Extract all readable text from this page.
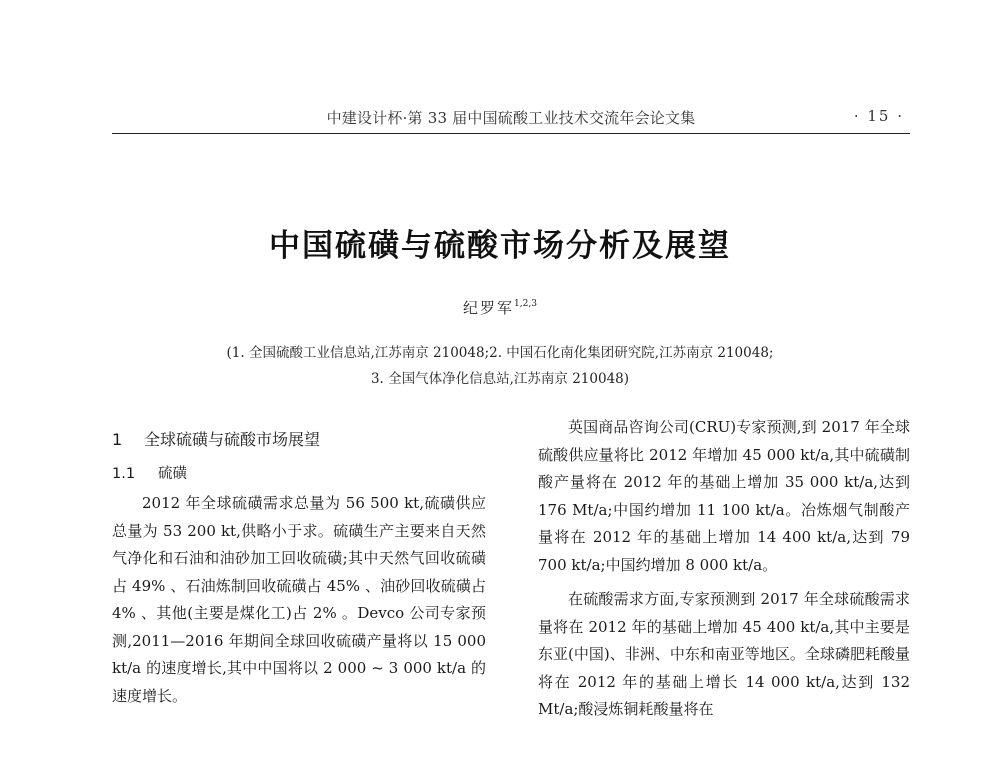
中建设计杯·第 33 届中国硫酸工业技术交流年会论文集	· 15 ·
中国硫磺与硫酸市场分析及展望
纪罗军$^{1,2,3}$
(1. 全国硫酸工业信息站,江苏南京 210048;2. 中国石化南化集团研究院,江苏南京 210048;
3. 全国气体净化信息站,江苏南京 210048)
1 全球硫磺与硫酸市场展望
1.1 硫磺

2012 年全球硫磺需求总量为 56 500 kt,硫磺供应总量为 53 200 kt,供略小于求。硫磺生产主要来自天然气净化和石油和油砂加工回收硫磺;其中天然气回收硫磺占 49% 、石油炼制回收硫磺占 45% 、油砂回收硫磺占 4% 、其他(主要是煤化工)占 2% 。Devco 公司专家预测,2011—2016 年期间全球回收硫磺产量将以 15 000 kt/a 的速度增长,其中中国将以 2 000 ~ 3 000 kt/a 的速度增长。

英国商品咨询公司(CRU)专家预测,到 2017 年全球硫酸供应量将比 2012 年增加 45 000 kt/a,其中硫磺制酸产量将在 2012 年的基础上增加 35 000 kt/a,达到 176 Mt/a;中国约增加 11 100 kt/a。冶炼烟气制酸产量将在 2012 年的基础上增加 14 400 kt/a,达到 79 700 kt/a;中国约增加 8 000 kt/a。

在硫酸需求方面,专家预测到 2017 年全球硫酸需求量将在 2012 年的基础上增加 45 400 kt/a,其中主要是东亚(中国)、非洲、中东和南亚等地区。全球磷肥耗酸量将在 2012 年的基础上增长 14 000 kt/a,达到 132 Mt/a;酸浸炼铜耗酸量将在
